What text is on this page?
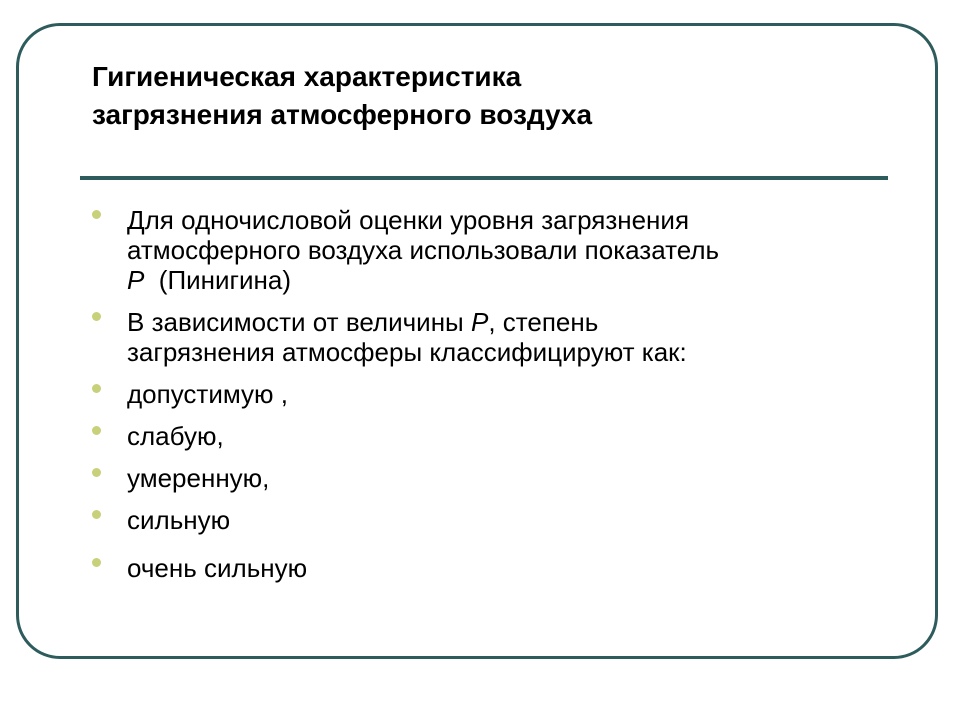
Гигиеническая характеристика
загрязнения атмосферного воздуха
Для одночисловой оценки уровня загрязнения
атмосферного воздуха использовали показатель
Р  (Пинигина)
В зависимости от величины Р, степень
загрязнения атмосферы классифицируют как:
допустимую ,
слабую,
умеренную,
сильную
очень сильную
